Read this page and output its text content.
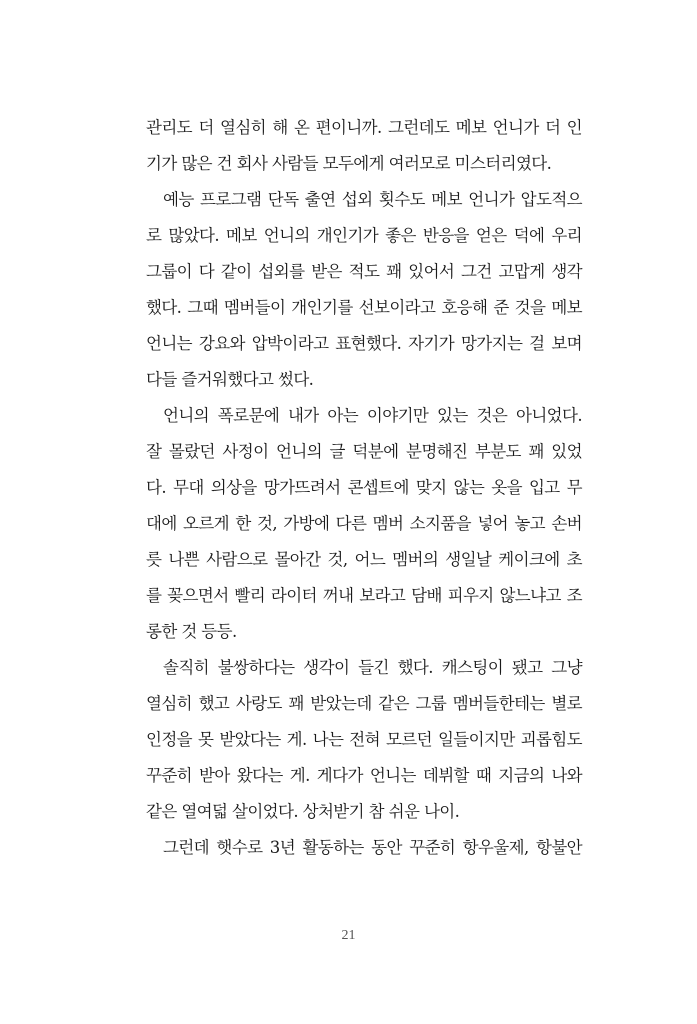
관리도 더 열심히 해 온 편이니까. 그런데도 메보 언니가 더 인
기가 많은 건 회사 사람들 모두에게 여러모로 미스터리였다.
예능 프로그램 단독 출연 섭외 횟수도 메보 언니가 압도적으
로 많았다. 메보 언니의 개인기가 좋은 반응을 얻은 덕에 우리
그룹이 다 같이 섭외를 받은 적도 꽤 있어서 그건 고맙게 생각
했다. 그때 멤버들이 개인기를 선보이라고 호응해 준 것을 메보
언니는 강요와 압박이라고 표현했다. 자기가 망가지는 걸 보며
다들 즐거워했다고 썼다.
언니의 폭로문에 내가 아는 이야기만 있는 것은 아니었다.
잘 몰랐던 사정이 언니의 글 덕분에 분명해진 부분도 꽤 있었
다. 무대 의상을 망가뜨려서 콘셉트에 맞지 않는 옷을 입고 무
대에 오르게 한 것, 가방에 다른 멤버 소지품을 넣어 놓고 손버
릇 나쁜 사람으로 몰아간 것, 어느 멤버의 생일날 케이크에 초
를 꽂으면서 빨리 라이터 꺼내 보라고 담배 피우지 않느냐고 조
롱한 것 등등.
솔직히 불쌍하다는 생각이 들긴 했다. 캐스팅이 됐고 그냥
열심히 했고 사랑도 꽤 받았는데 같은 그룹 멤버들한테는 별로
인정을 못 받았다는 게. 나는 전혀 모르던 일들이지만 괴롭힘도
꾸준히 받아 왔다는 게. 게다가 언니는 데뷔할 때 지금의 나와
같은 열여덟 살이었다. 상처받기 참 쉬운 나이.
그런데 햇수로 3년 활동하는 동안 꾸준히 항우울제, 항불안
21
